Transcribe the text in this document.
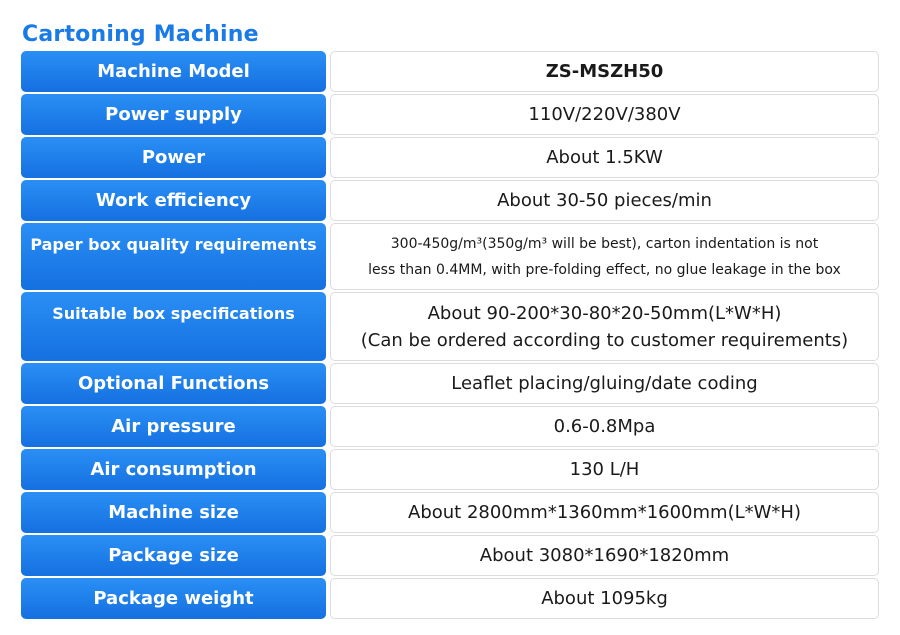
Cartoning Machine
Machine Model	ZS-MSZH50
Power supply	110V/220V/380V
Power	About 1.5KW
Work efficiency	About 30-50 pieces/min
Paper box quality requirements	300-450g/m³(350g/m³ will be best), carton indentation is not
less than 0.4MM, with pre-folding effect, no glue leakage in the box
Suitable box specifications	About 90-200*30-80*20-50mm(L*W*H)
(Can be ordered according to customer requirements)
Optional Functions	Leaflet placing/gluing/date coding
Air pressure	0.6-0.8Mpa
Air consumption	130 L/H
Machine size	About 2800mm*1360mm*1600mm(L*W*H)
Package size	About 3080*1690*1820mm
Package weight	About 1095kg
